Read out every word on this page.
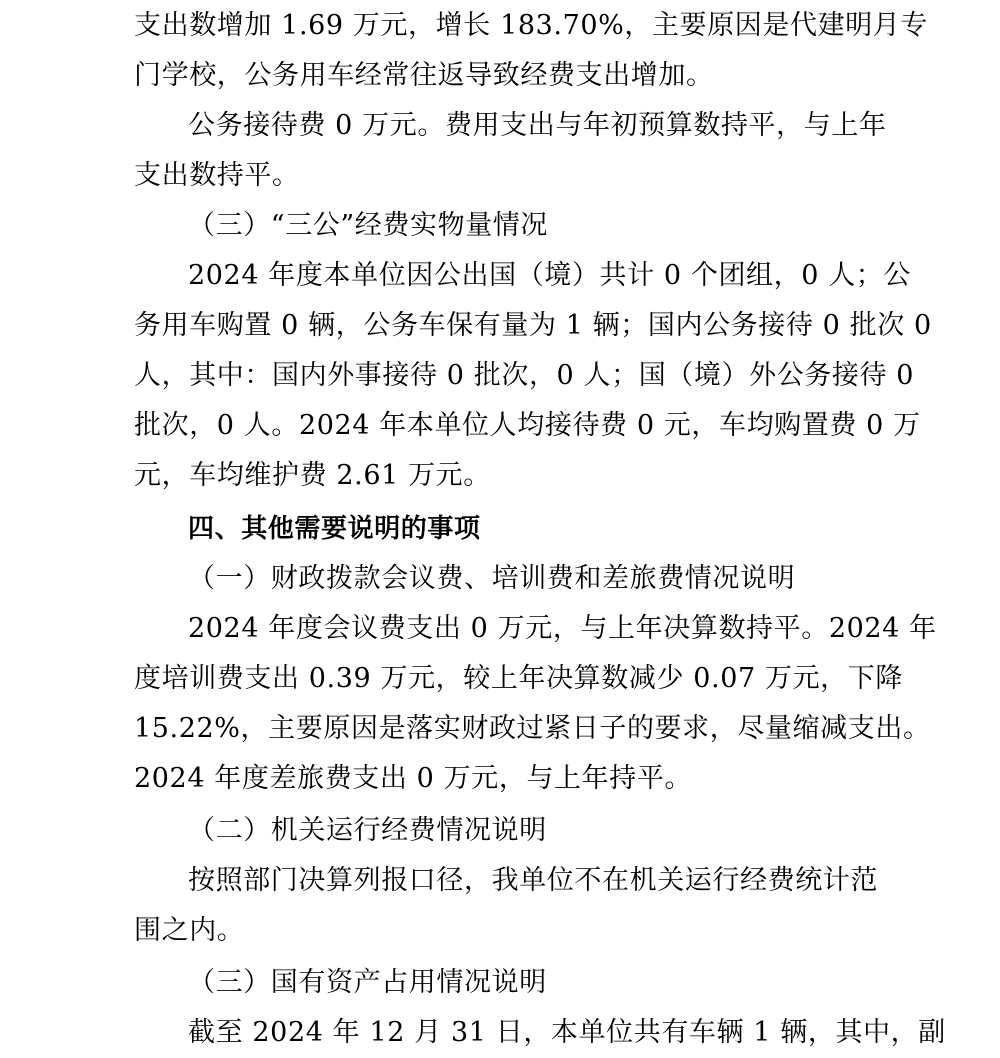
支出数增加 1.69 万元，增长 183.70%，主要原因是代建明月专
门学校，公务用车经常往返导致经费支出增加。
公务接待费 0 万元。费用支出与年初预算数持平，与上年
支出数持平。
（三）“三公”经费实物量情况
2024 年度本单位因公出国（境）共计 0 个团组，0 人；公
务用车购置 0 辆，公务车保有量为 1 辆；国内公务接待 0 批次 0
人，其中：国内外事接待 0 批次，0 人；国（境）外公务接待 0
批次，0 人。2024 年本单位人均接待费 0 元，车均购置费 0 万
元，车均维护费 2.61 万元。
四、其他需要说明的事项
（一）财政拨款会议费、培训费和差旅费情况说明
2024 年度会议费支出 0 万元，与上年决算数持平。2024 年
度培训费支出 0.39 万元，较上年决算数减少 0.07 万元，下降
15.22%，主要原因是落实财政过紧日子的要求，尽量缩减支出。
2024 年度差旅费支出 0 万元，与上年持平。
（二）机关运行经费情况说明
按照部门决算列报口径，我单位不在机关运行经费统计范
围之内。
（三）国有资产占用情况说明
截至 2024 年 12 月 31 日，本单位共有车辆 1 辆，其中，副
